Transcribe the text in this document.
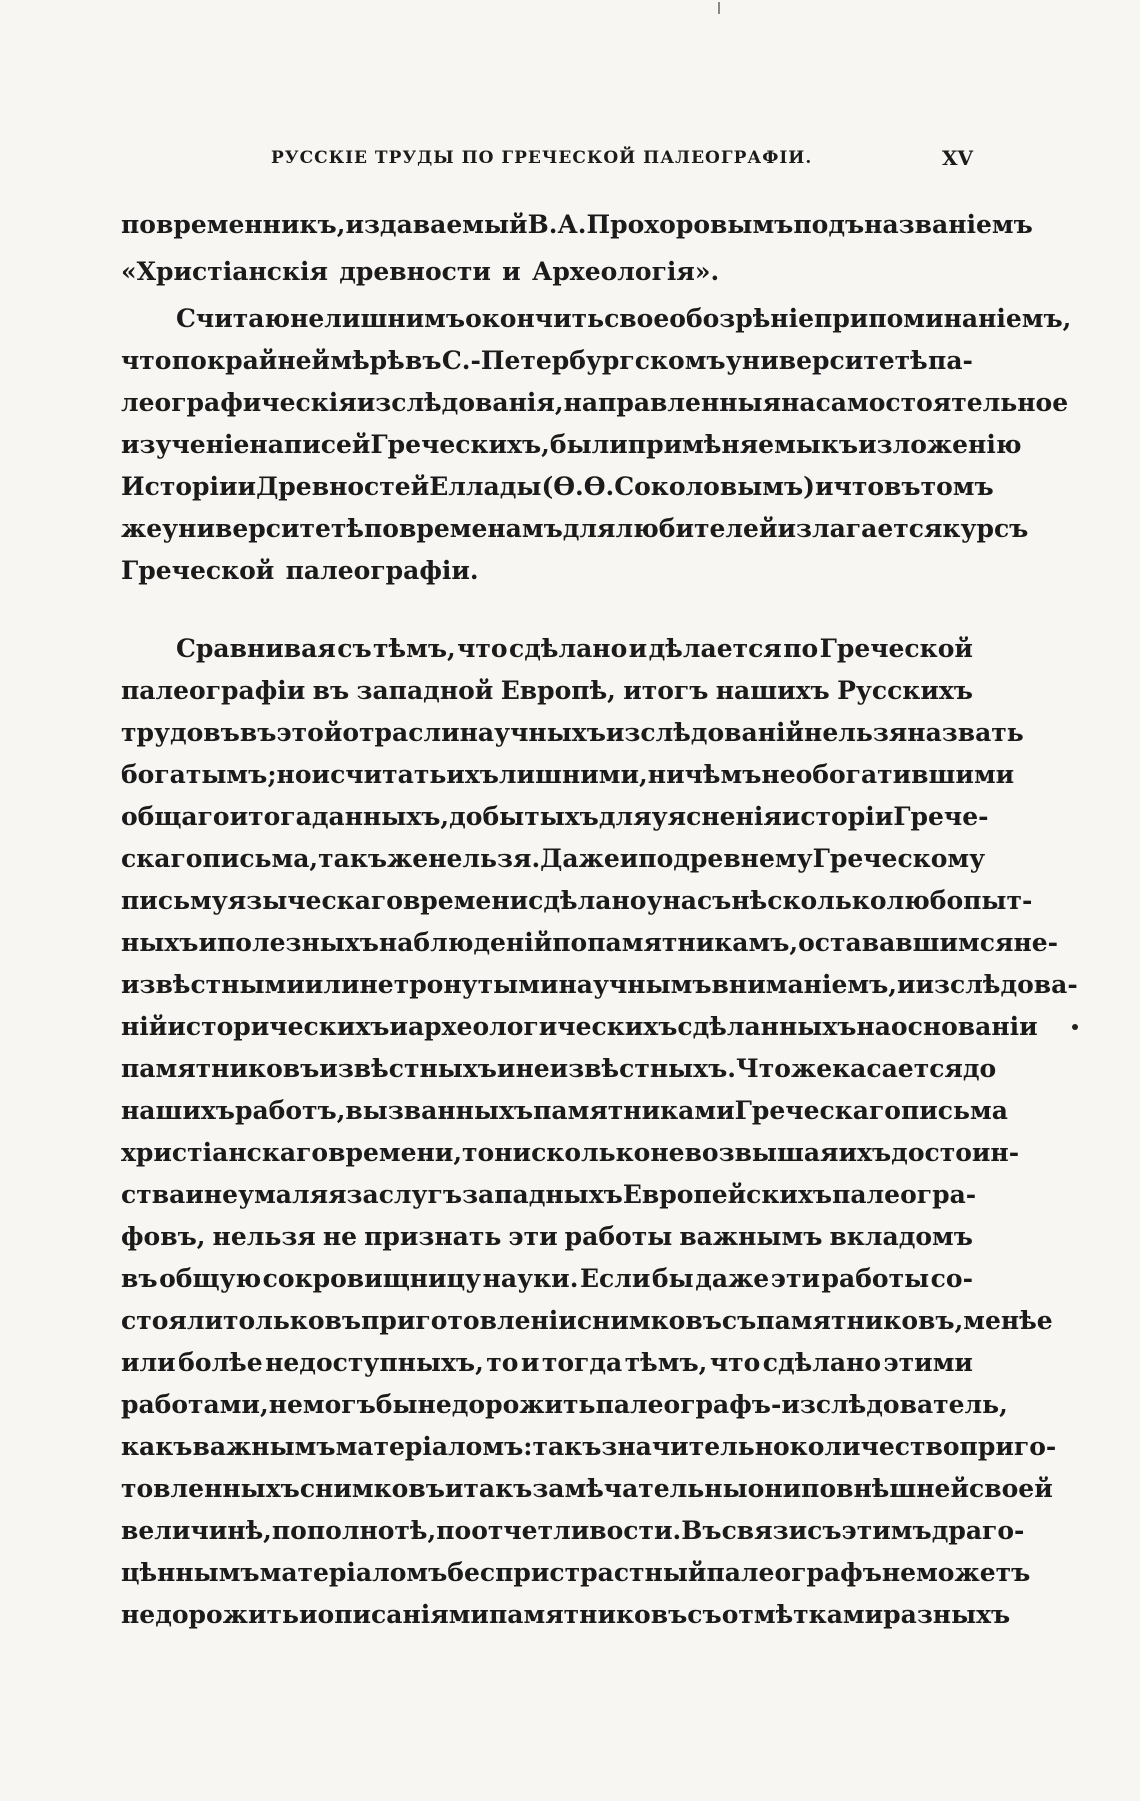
РУССКІЕ ТРУДЫ ПО ГРЕЧЕСКОЙ ПАЛЕОГРАФІИ.	XV
повременникъ, издаваемый В. А. Прохоровымъ подъ названіемъ
«Христіанскія древности и Археологія».
Считаю не лишнимъ окончить свое обозрѣніе припоминаніемъ,
что по крайней мѣрѣ въ С.-Петербургскомъ университетѣ па-
леографическія изслѣдованія, направленныя на самостоятельное
изученіе написей Греческихъ, были примѣняемы къ изложенію
Исторіи и Древностей Еллады (Ѳ. Ѳ. Соколовымъ) и что въ томъ
же университетѣ по временамъ для любителей излагается курсъ
Греческой палеографіи.
Сравнивая съ тѣмъ, что сдѣлано и дѣлается по Греческой
палеографіи въ западной Европѣ, итогъ нашихъ Русскихъ
трудовъ въ этой отрасли научныхъ изслѣдованій нельзя назвать
богатымъ; но и считать ихъ лишними, ничѣмъ необогатившими
общаго итога данныхъ, добытыхъ для уясненія исторіи Грече-
скаго письма, такъ же нельзя. Даже и по древнему Греческому
письму языческаго времени сдѣлано у насъ нѣсколько любопыт-
ныхъ и полезныхъ наблюденій по памятникамъ, остававшимся не-
извѣстными или нетронутыми научнымъ вниманіемъ, и изслѣдова-
ній историческихъ и археологическихъ сдѣланныхъ на основаніи
памятниковъ извѣстныхъ и неизвѣстныхъ. Что же касается до
нашихъ работъ, вызванныхъ памятниками Греческаго письма
христіанскаго времени, то ни сколько не возвышая ихъ достоин-
ства и не умаляя заслугъ западныхъ Европейскихъ палеогра-
фовъ, нельзя не признать эти работы важнымъ вкладомъ
въ общую сокровищницу науки. Если бы даже эти работы со-
стояли только въ приготовленіи снимковъ съ памятниковъ, менѣе
или болѣе недоступныхъ, то и тогда тѣмъ, что сдѣлано этими
работами, не могъ бы не дорожить палеографъ-изслѣдователь,
какъ важнымъ матеріаломъ: такъ значительно количество приго-
товленныхъ снимковъ и такъ замѣчательны они по внѣшней своей
величинѣ, по полнотѣ, по отчетливости. Въ связи съ этимъ драго-
цѣннымъ матеріаломъ беспристрастный палеографъ не можетъ
не дорожить и описаніями памятниковъ съ отмѣтками разныхъ
